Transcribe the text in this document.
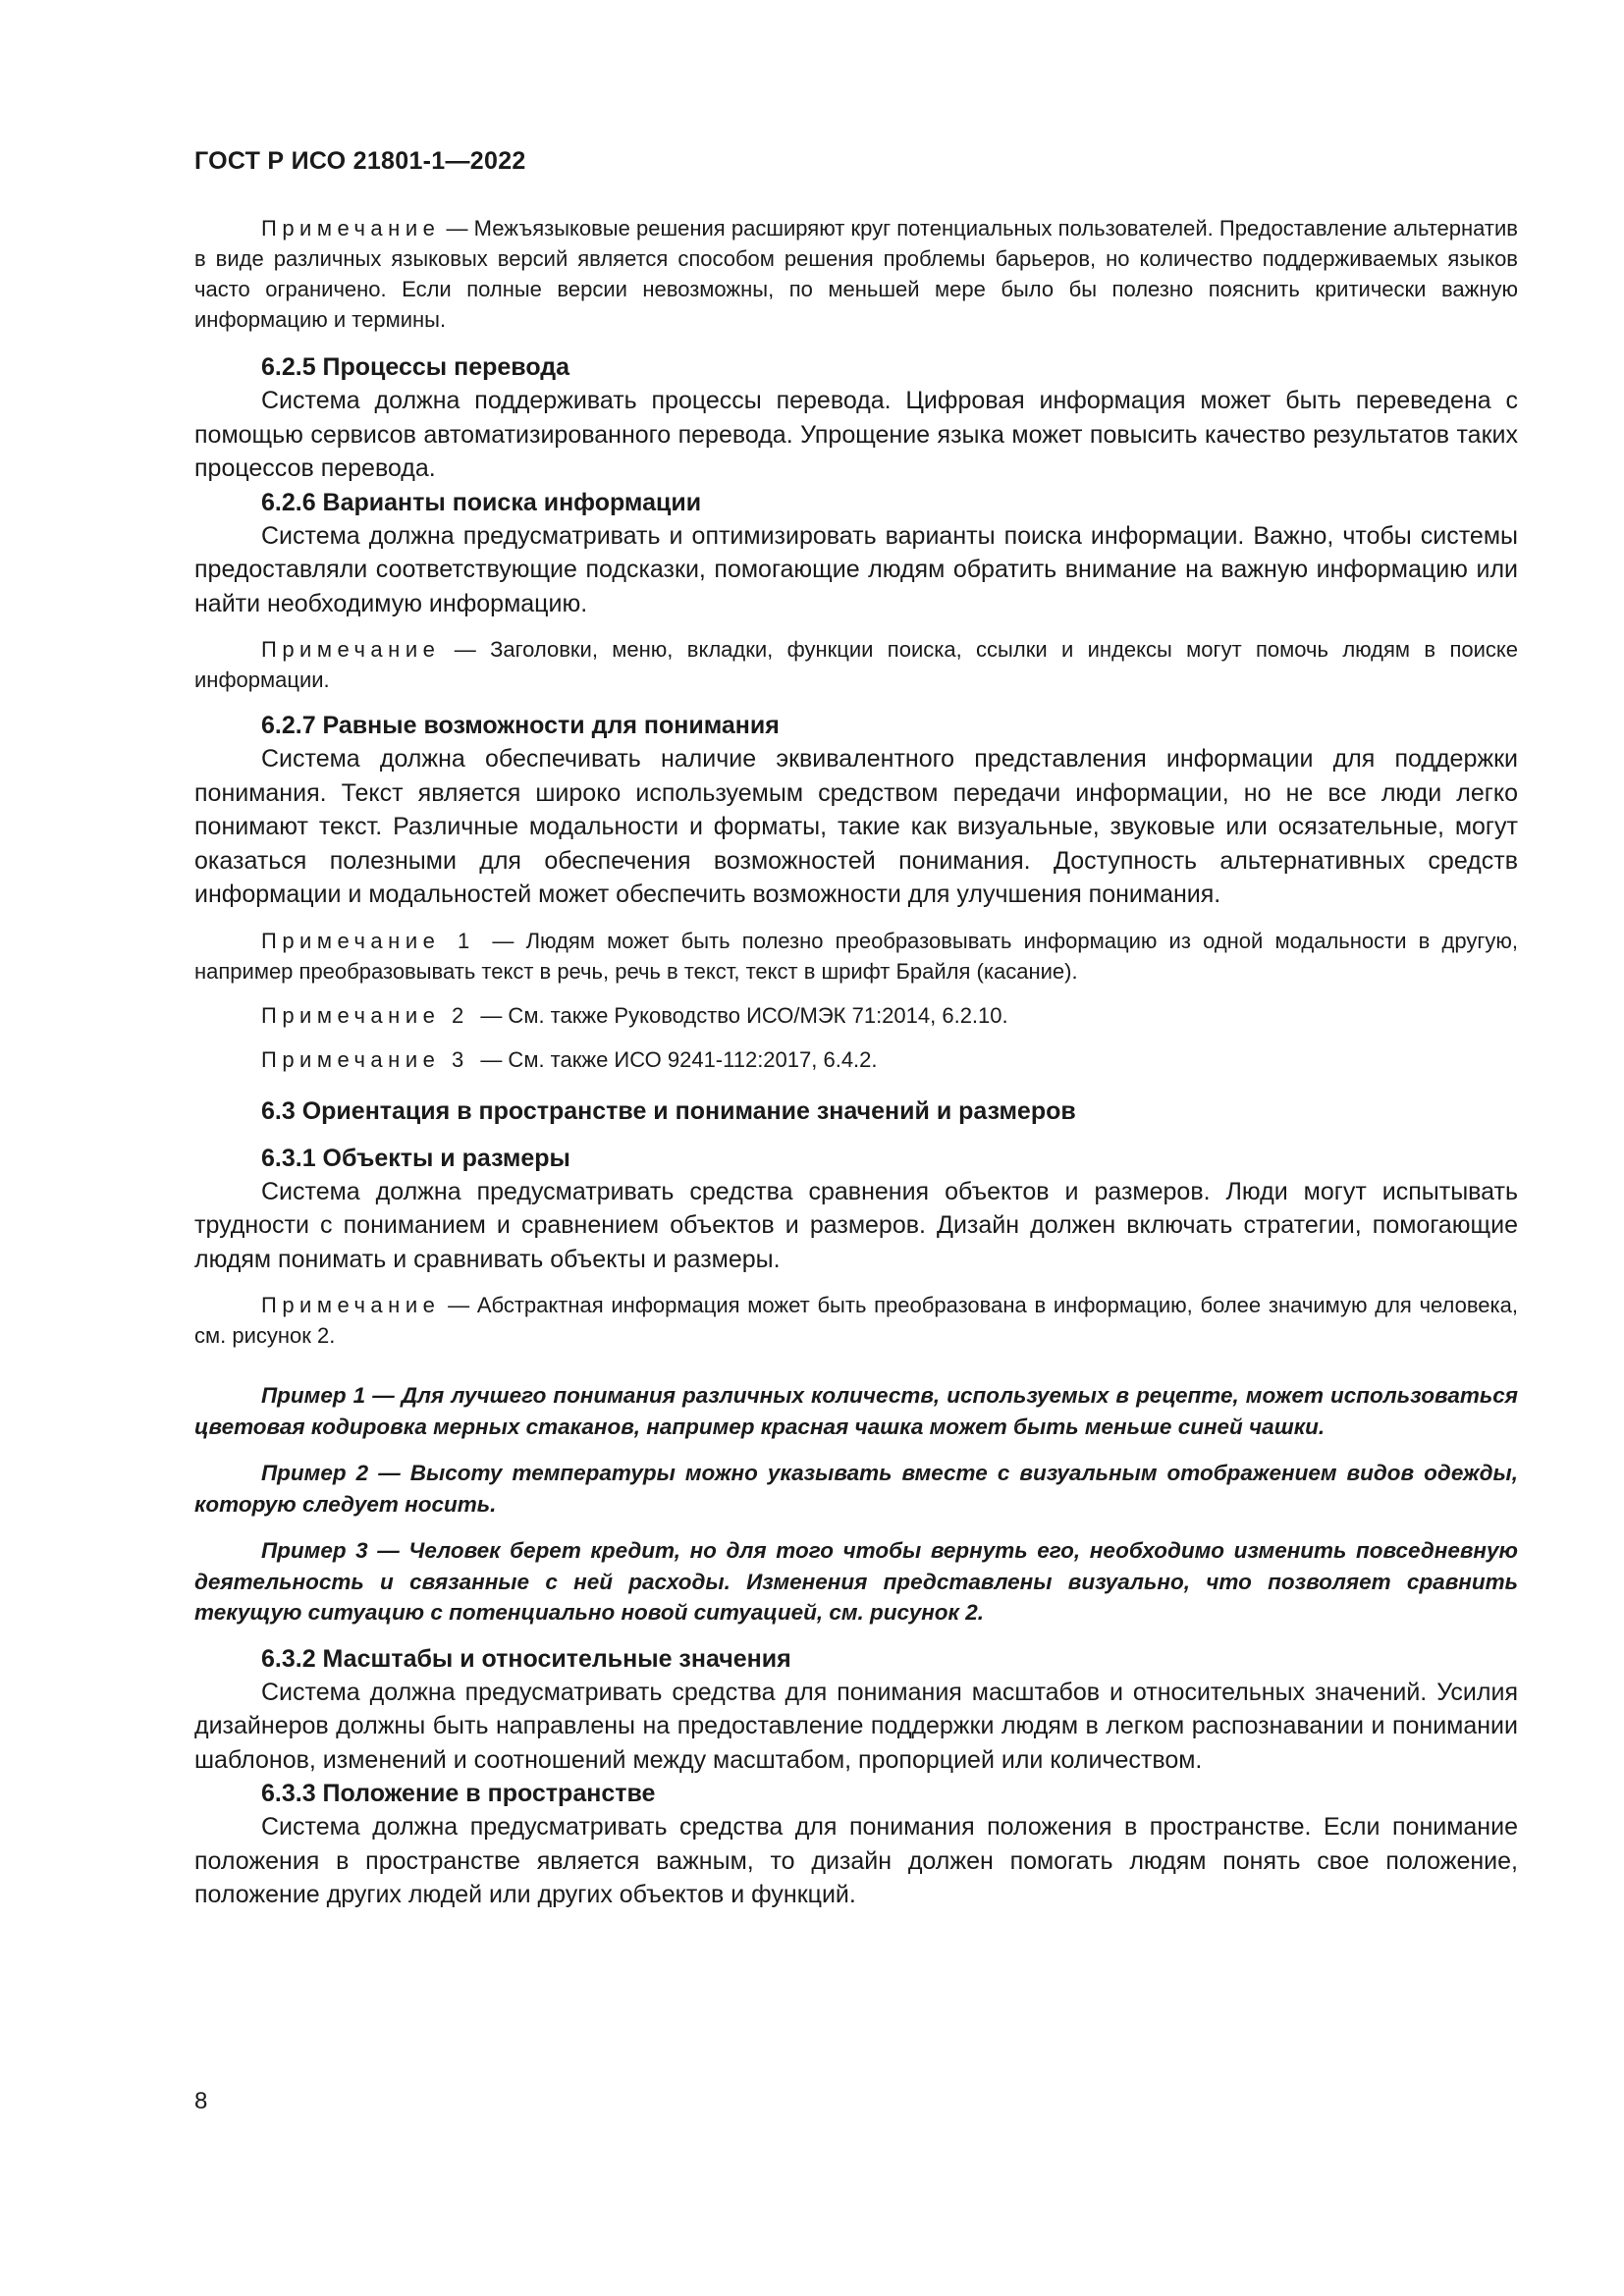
ГОСТ Р ИСО 21801-1—2022

Примечание — Межъязыковые решения расширяют круг потенциальных пользователей. Предоставление альтернатив в виде различных языковых версий является способом решения проблемы барьеров, но количество поддерживаемых языков часто ограничено. Если полные версии невозможны, по меньшей мере было бы полезно пояснить критически важную информацию и термины.

6.2.5 Процессы перевода

Система должна поддерживать процессы перевода. Цифровая информация может быть переведена с помощью сервисов автоматизированного перевода. Упрощение языка может повысить качество результатов таких процессов перевода.

6.2.6 Варианты поиска информации

Система должна предусматривать и оптимизировать варианты поиска информации. Важно, чтобы системы предоставляли соответствующие подсказки, помогающие людям обратить внимание на важную информацию или найти необходимую информацию.

Примечание — Заголовки, меню, вкладки, функции поиска, ссылки и индексы могут помочь людям в поиске информации.

6.2.7 Равные возможности для понимания

Система должна обеспечивать наличие эквивалентного представления информации для поддержки понимания. Текст является широко используемым средством передачи информации, но не все люди легко понимают текст. Различные модальности и форматы, такие как визуальные, звуковые или осязательные, могут оказаться полезными для обеспечения возможностей понимания. Доступность альтернативных средств информации и модальностей может обеспечить возможности для улучшения понимания.

Примечание 1 — Людям может быть полезно преобразовывать информацию из одной модальности в другую, например преобразовывать текст в речь, речь в текст, текст в шрифт Брайля (касание).

Примечание 2 — См. также Руководство ИСО/МЭК 71:2014, 6.2.10.

Примечание 3 — См. также ИСО 9241-112:2017, 6.4.2.

6.3 Ориентация в пространстве и понимание значений и размеров
6.3.1 Объекты и размеры

Система должна предусматривать средства сравнения объектов и размеров. Люди могут испытывать трудности с пониманием и сравнением объектов и размеров. Дизайн должен включать стратегии, помогающие людям понимать и сравнивать объекты и размеры.

Примечание — Абстрактная информация может быть преобразована в информацию, более значимую для человека, см. рисунок 2.

Пример 1 — Для лучшего понимания различных количеств, используемых в рецепте, может использоваться цветовая кодировка мерных стаканов, например красная чашка может быть меньше синей чашки.

Пример 2 — Высоту температуры можно указывать вместе с визуальным отображением видов одежды, которую следует носить.

Пример 3 — Человек берет кредит, но для того чтобы вернуть его, необходимо изменить повседневную деятельность и связанные с ней расходы. Изменения представлены визуально, что позволяет сравнить текущую ситуацию с потенциально новой ситуацией, см. рисунок 2.

6.3.2 Масштабы и относительные значения

Система должна предусматривать средства для понимания масштабов и относительных значений. Усилия дизайнеров должны быть направлены на предоставление поддержки людям в легком распознавании и понимании шаблонов, изменений и соотношений между масштабом, пропорцией или количеством.

6.3.3 Положение в пространстве

Система должна предусматривать средства для понимания положения в пространстве. Если понимание положения в пространстве является важным, то дизайн должен помогать людям понять свое положение, положение других людей или других объектов и функций.

8
